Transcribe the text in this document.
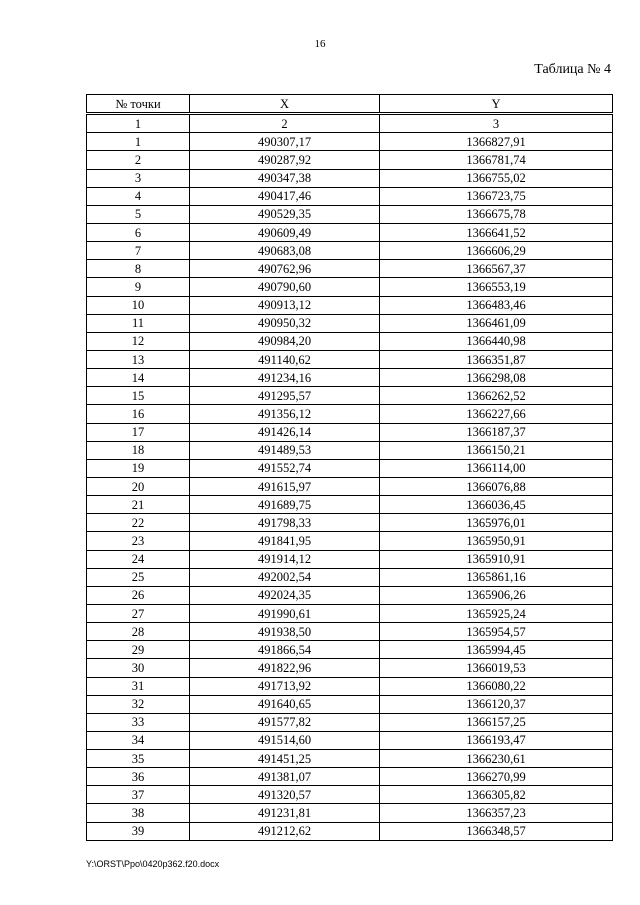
16
Таблица № 4
№ точки	X	Y
1	2	3
1	490307,17	1366827,91
2	490287,92	1366781,74
3	490347,38	1366755,02
4	490417,46	1366723,75
5	490529,35	1366675,78
6	490609,49	1366641,52
7	490683,08	1366606,29
8	490762,96	1366567,37
9	490790,60	1366553,19
10	490913,12	1366483,46
11	490950,32	1366461,09
12	490984,20	1366440,98
13	491140,62	1366351,87
14	491234,16	1366298,08
15	491295,57	1366262,52
16	491356,12	1366227,66
17	491426,14	1366187,37
18	491489,53	1366150,21
19	491552,74	1366114,00
20	491615,97	1366076,88
21	491689,75	1366036,45
22	491798,33	1365976,01
23	491841,95	1365950,91
24	491914,12	1365910,91
25	492002,54	1365861,16
26	492024,35	1365906,26
27	491990,61	1365925,24
28	491938,50	1365954,57
29	491866,54	1365994,45
30	491822,96	1366019,53
31	491713,92	1366080,22
32	491640,65	1366120,37
33	491577,82	1366157,25
34	491514,60	1366193,47
35	491451,25	1366230,61
36	491381,07	1366270,99
37	491320,57	1366305,82
38	491231,81	1366357,23
39	491212,62	1366348,57
Y:\ORST\Ppo\0420p362.f20.docx
